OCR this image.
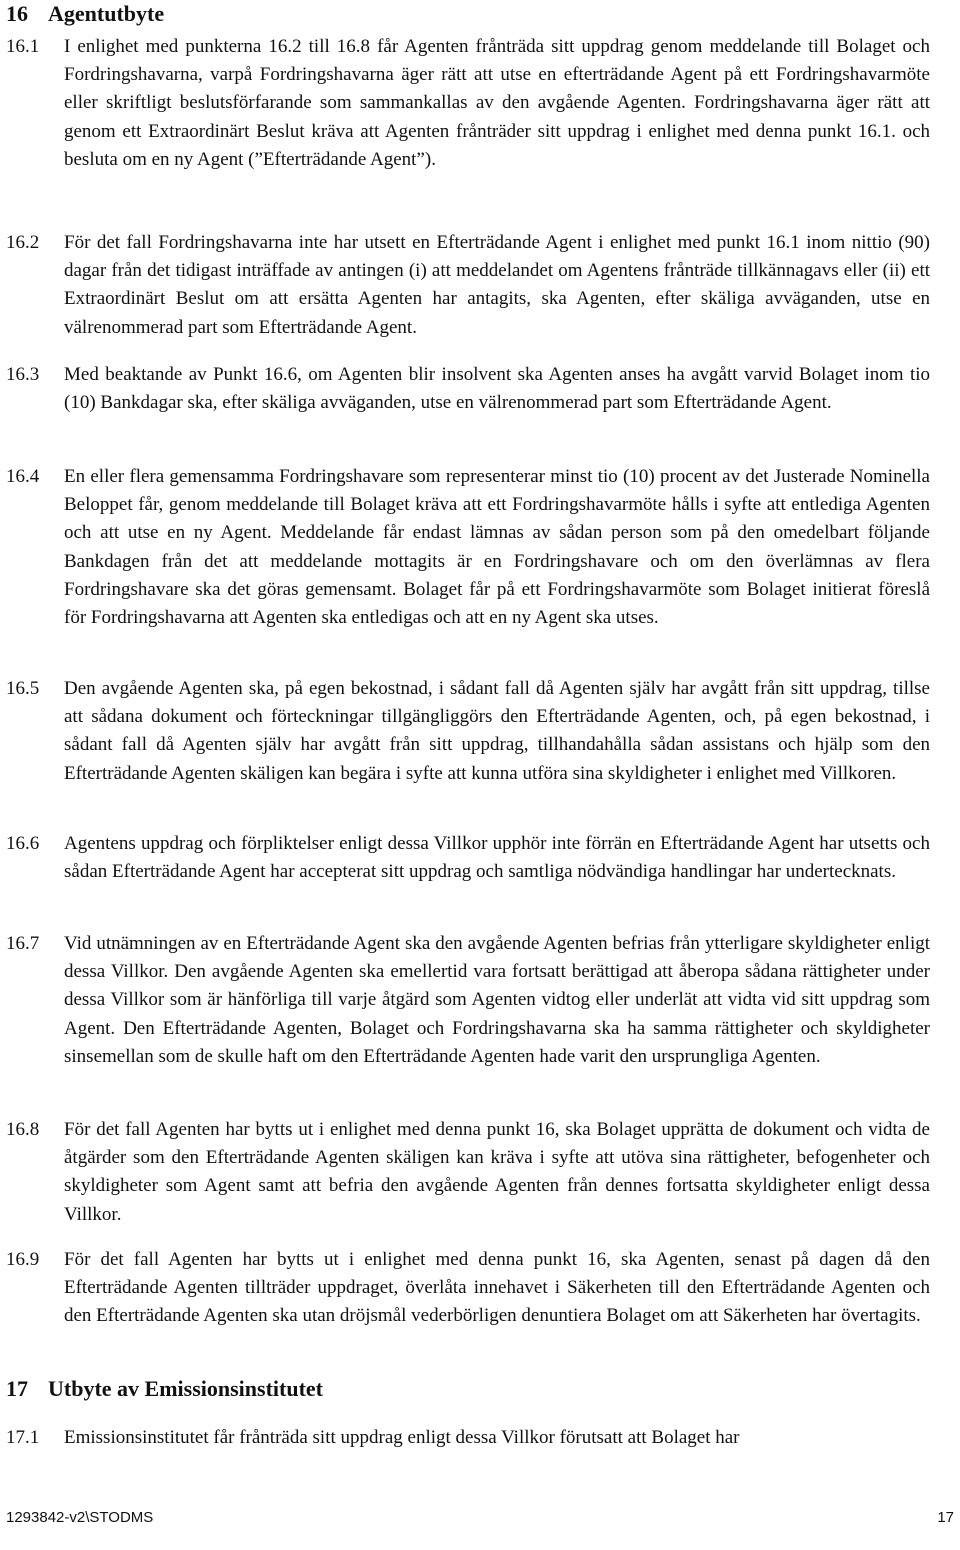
16 Agentutbyte
16.1 I enlighet med punkterna 16.2 till 16.8 får Agenten frånträda sitt uppdrag genom meddelande till Bolaget och Fordringshavarna, varpå Fordringshavarna äger rätt att utse en efterträdande Agent på ett Fordringshavarmöte eller skriftligt beslutsförfarande som sammankallas av den avgående Agenten. Fordringshavarna äger rätt att genom ett Extraordinärt Beslut kräva att Agenten frånträder sitt uppdrag i enlighet med denna punkt 16.1. och besluta om en ny Agent (”Efterträdande Agent”).
16.2 För det fall Fordringshavarna inte har utsett en Efterträdande Agent i enlighet med punkt 16.1 inom nittio (90) dagar från det tidigast inträffade av antingen (i) att meddelandet om Agentens frånträde tillkännagavs eller (ii) ett Extraordinärt Beslut om att ersätta Agenten har antagits, ska Agenten, efter skäliga avväganden, utse en välrenommerad part som Efterträdande Agent.
16.3 Med beaktande av Punkt 16.6, om Agenten blir insolvent ska Agenten anses ha avgått varvid Bolaget inom tio (10) Bankdagar ska, efter skäliga avväganden, utse en välrenommerad part som Efterträdande Agent.
16.4 En eller flera gemensamma Fordringshavare som representerar minst tio (10) procent av det Justerade Nominella Beloppet får, genom meddelande till Bolaget kräva att ett Fordringshavarmöte hålls i syfte att entlediga Agenten och att utse en ny Agent. Meddelande får endast lämnas av sådan person som på den omedelbart följande Bankdagen från det att meddelande mottagits är en Fordringshavare och om den överlämnas av flera Fordringshavare ska det göras gemensamt. Bolaget får på ett Fordringshavarmöte som Bolaget initierat föreslå för Fordringshavarna att Agenten ska entledigas och att en ny Agent ska utses.
16.5 Den avgående Agenten ska, på egen bekostnad, i sådant fall då Agenten själv har avgått från sitt uppdrag, tillse att sådana dokument och förteckningar tillgängliggörs den Efterträdande Agenten, och, på egen bekostnad, i sådant fall då Agenten själv har avgått från sitt uppdrag, tillhandahålla sådan assistans och hjälp som den Efterträdande Agenten skäligen kan begära i syfte att kunna utföra sina skyldigheter i enlighet med Villkoren.
16.6 Agentens uppdrag och förpliktelser enligt dessa Villkor upphör inte förrän en Efterträdande Agent har utsetts och sådan Efterträdande Agent har accepterat sitt uppdrag och samtliga nödvändiga handlingar har undertecknats.
16.7 Vid utnämningen av en Efterträdande Agent ska den avgående Agenten befrias från ytterligare skyldigheter enligt dessa Villkor. Den avgående Agenten ska emellertid vara fortsatt berättigad att åberopa sådana rättigheter under dessa Villkor som är hänförliga till varje åtgärd som Agenten vidtog eller underlät att vidta vid sitt uppdrag som Agent. Den Efterträdande Agenten, Bolaget och Fordringshavarna ska ha samma rättigheter och skyldigheter sinsemellan som de skulle haft om den Efterträdande Agenten hade varit den ursprungliga Agenten.
16.8 För det fall Agenten har bytts ut i enlighet med denna punkt 16, ska Bolaget upprätta de dokument och vidta de åtgärder som den Efterträdande Agenten skäligen kan kräva i syfte att utöva sina rättigheter, befogenheter och skyldigheter som Agent samt att befria den avgående Agenten från dennes fortsatta skyldigheter enligt dessa Villkor.
16.9 För det fall Agenten har bytts ut i enlighet med denna punkt 16, ska Agenten, senast på dagen då den Efterträdande Agenten tillträder uppdraget, överlåta innehavet i Säkerheten till den Efterträdande Agenten och den Efterträdande Agenten ska utan dröjsmål vederbörligen denuntiera Bolaget om att Säkerheten har övertagits.
17 Utbyte av Emissionsinstitutet
17.1 Emissionsinstitutet får frånträda sitt uppdrag enligt dessa Villkor förutsatt att Bolaget har
1293842-v2\STODMS	17
